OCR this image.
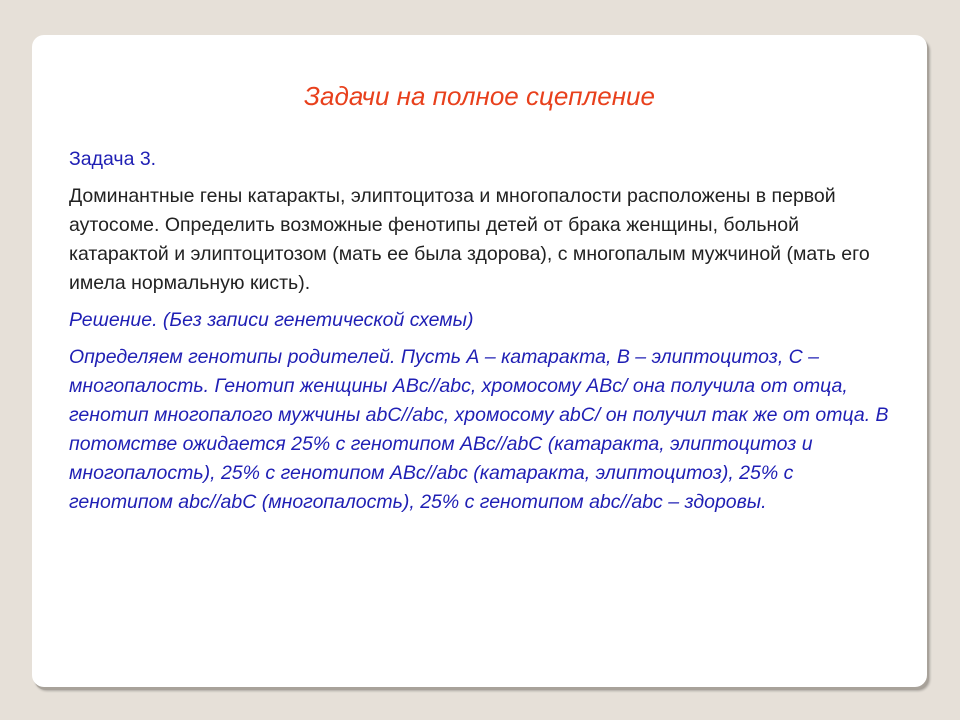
Задачи на полное сцепление

Задача 3.

Доминантные гены катаракты, элиптоцитоза и многопалости расположены в первой аутосоме. Определить возможные фенотипы детей от брака женщины, больной катарактой и элиптоцитозом (мать ее была здорова), с многопалым мужчиной (мать его имела нормальную кисть).

Решение. (Без записи генетической схемы)

Определяем генотипы родителей. Пусть А – катаракта, В – элиптоцитоз, С – многопалость. Генотип женщины АВс//abc, хромосому АВс/ она получила от отца, генотип многопалого мужчины abC//abc, хромосому abC/ он получил так же от отца. В потомстве ожидается 25% с генотипом АВс//abC (катаракта, элиптоцитоз и многопалость), 25% с генотипом АВс//abc (катаракта, элиптоцитоз), 25% с генотипом abc//abC (многопалость), 25% с генотипом abc//abc – здоровы.
